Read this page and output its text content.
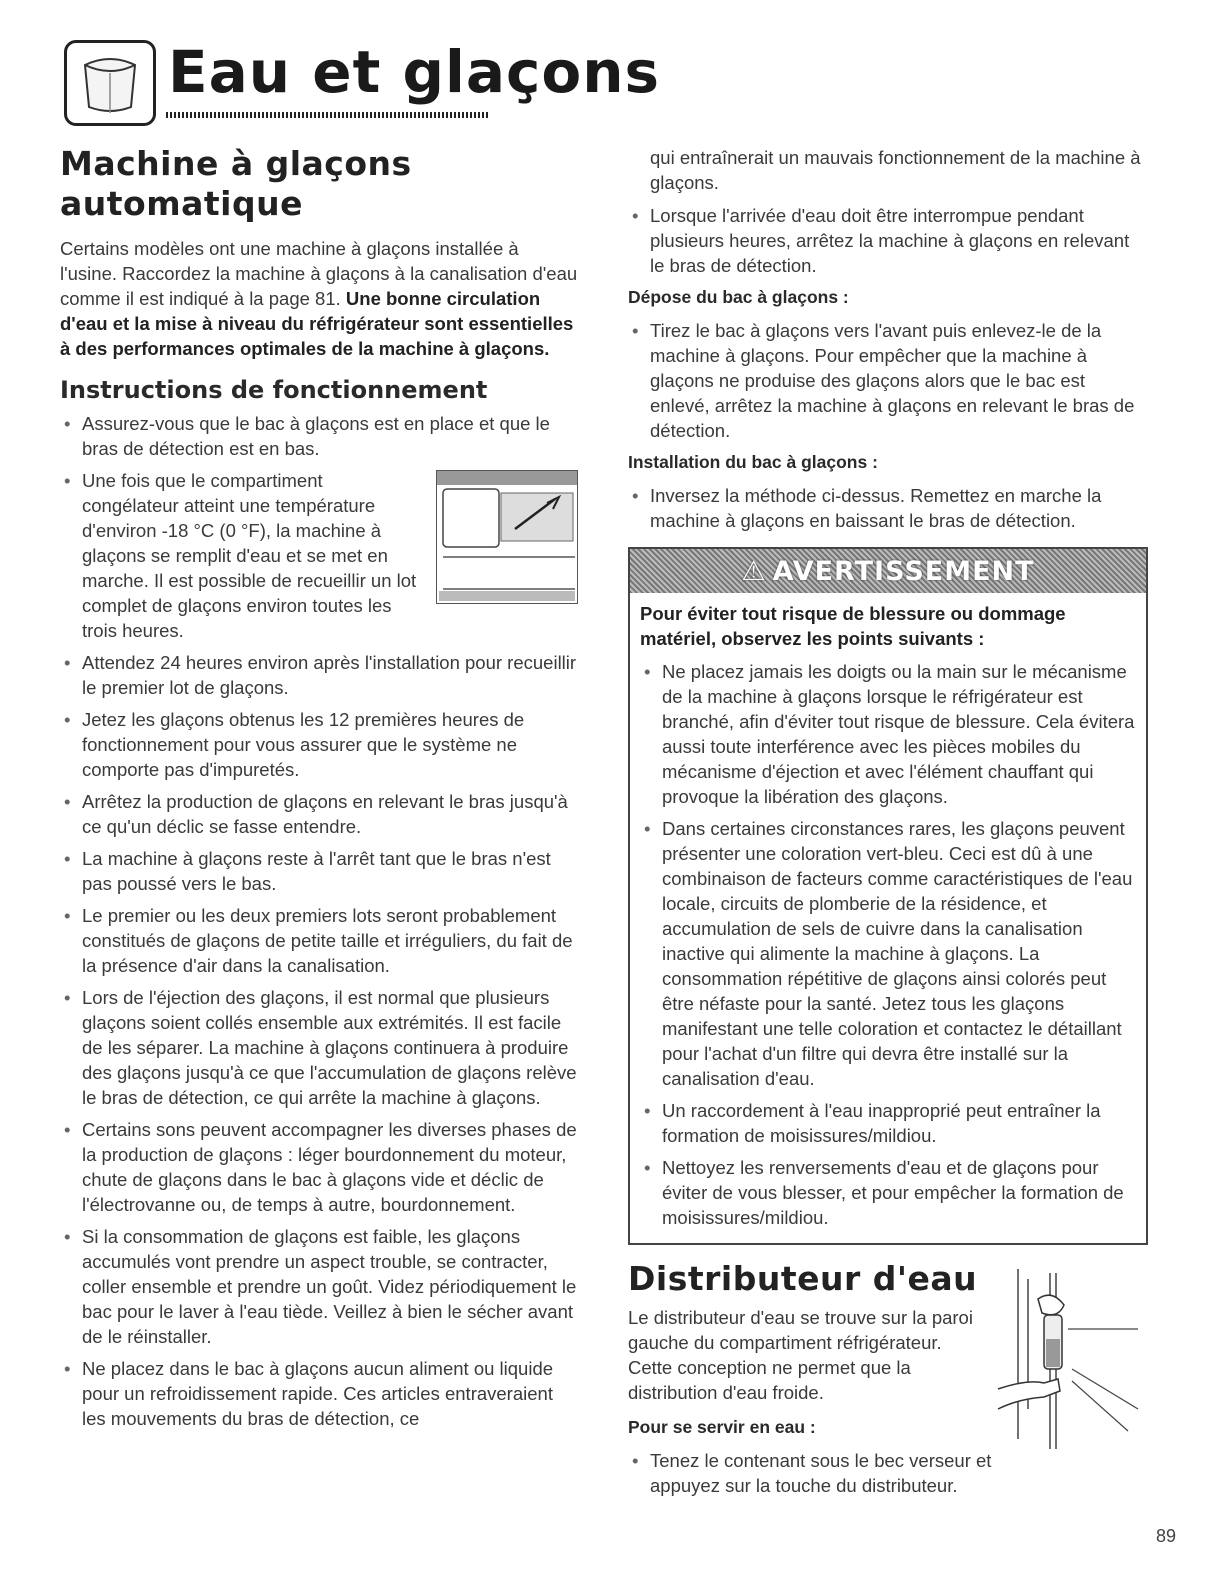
Eau et glaçons
Machine à glaçons automatique

Certains modèles ont une machine à glaçons installée à l'usine. Raccordez la machine à glaçons à la canalisation d'eau comme il est indiqué à la page 81. Une bonne circulation d'eau et la mise à niveau du réfrigérateur sont essentielles à des performances optimales de la machine à glaçons.

Instructions de fonctionnement
• Assurez-vous que le bac à glaçons est en place et que le bras de détection est en bas.
• Une fois que le compartiment congélateur atteint une température d'environ -18 °C (0 °F), la machine à glaçons se remplit d'eau et se met en marche. Il est possible de recueillir un lot complet de glaçons environ toutes les trois heures.
• Attendez 24 heures environ après l'installation pour recueillir le premier lot de glaçons.
• Jetez les glaçons obtenus les 12 premières heures de fonctionnement pour vous assurer que le système ne comporte pas d'impuretés.
• Arrêtez la production de glaçons en relevant le bras jusqu'à ce qu'un déclic se fasse entendre.
• La machine à glaçons reste à l'arrêt tant que le bras n'est pas poussé vers le bas.
• Le premier ou les deux premiers lots seront probablement constitués de glaçons de petite taille et irréguliers, du fait de la présence d'air dans la canalisation.
• Lors de l'éjection des glaçons, il est normal que plusieurs glaçons soient collés ensemble aux extrémités. Il est facile de les séparer. La machine à glaçons continuera à produire des glaçons jusqu'à ce que l'accumulation de glaçons relève le bras de détection, ce qui arrête la machine à glaçons.
• Certains sons peuvent accompagner les diverses phases de la production de glaçons : léger bourdonnement du moteur, chute de glaçons dans le bac à glaçons vide et déclic de l'électrovanne ou, de temps à autre, bourdonnement.
• Si la consommation de glaçons est faible, les glaçons accumulés vont prendre un aspect trouble, se contracter, coller ensemble et prendre un goût. Videz périodiquement le bac pour le laver à l'eau tiède. Veillez à bien le sécher avant de le réinstaller.
• Ne placez dans le bac à glaçons aucun aliment ou liquide pour un refroidissement rapide. Ces articles entraveraient les mouvements du bras de détection, ce

qui entraînerait un mauvais fonctionnement de la machine à glaçons.

• Lorsque l'arrivée d'eau doit être interrompue pendant plusieurs heures, arrêtez la machine à glaçons en relevant le bras de détection.
Dépose du bac à glaçons :
• Tirez le bac à glaçons vers l'avant puis enlevez-le de la machine à glaçons. Pour empêcher que la machine à glaçons ne produise des glaçons alors que le bac est enlevé, arrêtez la machine à glaçons en relevant le bras de détection.
Installation du bac à glaçons :
• Inversez la méthode ci-dessus. Remettez en marche la machine à glaçons en baissant le bras de détection.
⚠ AVERTISSEMENT
Pour éviter tout risque de blessure ou dommage matériel, observez les points suivants :
• Ne placez jamais les doigts ou la main sur le mécanisme de la machine à glaçons lorsque le réfrigérateur est branché, afin d'éviter tout risque de blessure. Cela évitera aussi toute interférence avec les pièces mobiles du mécanisme d'éjection et avec l'élément chauffant qui provoque la libération des glaçons.
• Dans certaines circonstances rares, les glaçons peuvent présenter une coloration vert-bleu. Ceci est dû à une combinaison de facteurs comme caractéristiques de l'eau locale, circuits de plomberie de la résidence, et accumulation de sels de cuivre dans la canalisation inactive qui alimente la machine à glaçons. La consommation répétitive de glaçons ainsi colorés peut être néfaste pour la santé. Jetez tous les glaçons manifestant une telle coloration et contactez le détaillant pour l'achat d'un filtre qui devra être installé sur la canalisation d'eau.
• Un raccordement à l'eau inapproprié peut entraîner la formation de moisissures/mildiou.
• Nettoyez les renversements d'eau et de glaçons pour éviter de vous blesser, et pour empêcher la formation de moisissures/mildiou.
Distributeur d'eau

Le distributeur d'eau se trouve sur la paroi gauche du compartiment réfrigérateur. Cette conception ne permet que la distribution d'eau froide.

Pour se servir en eau :
• Tenez le contenant sous le bec verseur et appuyez sur la touche du distributeur.
89
